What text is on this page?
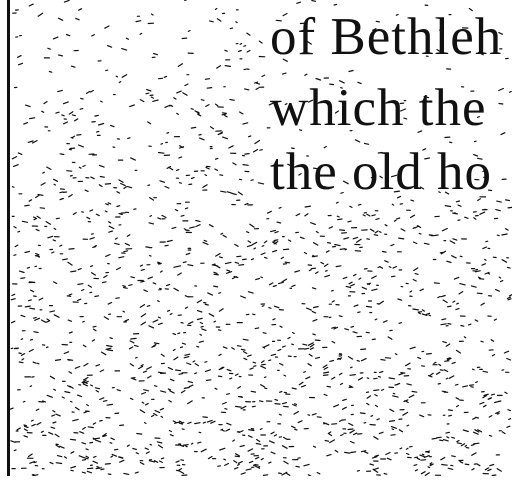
of Bethleh
which the
the old ho
